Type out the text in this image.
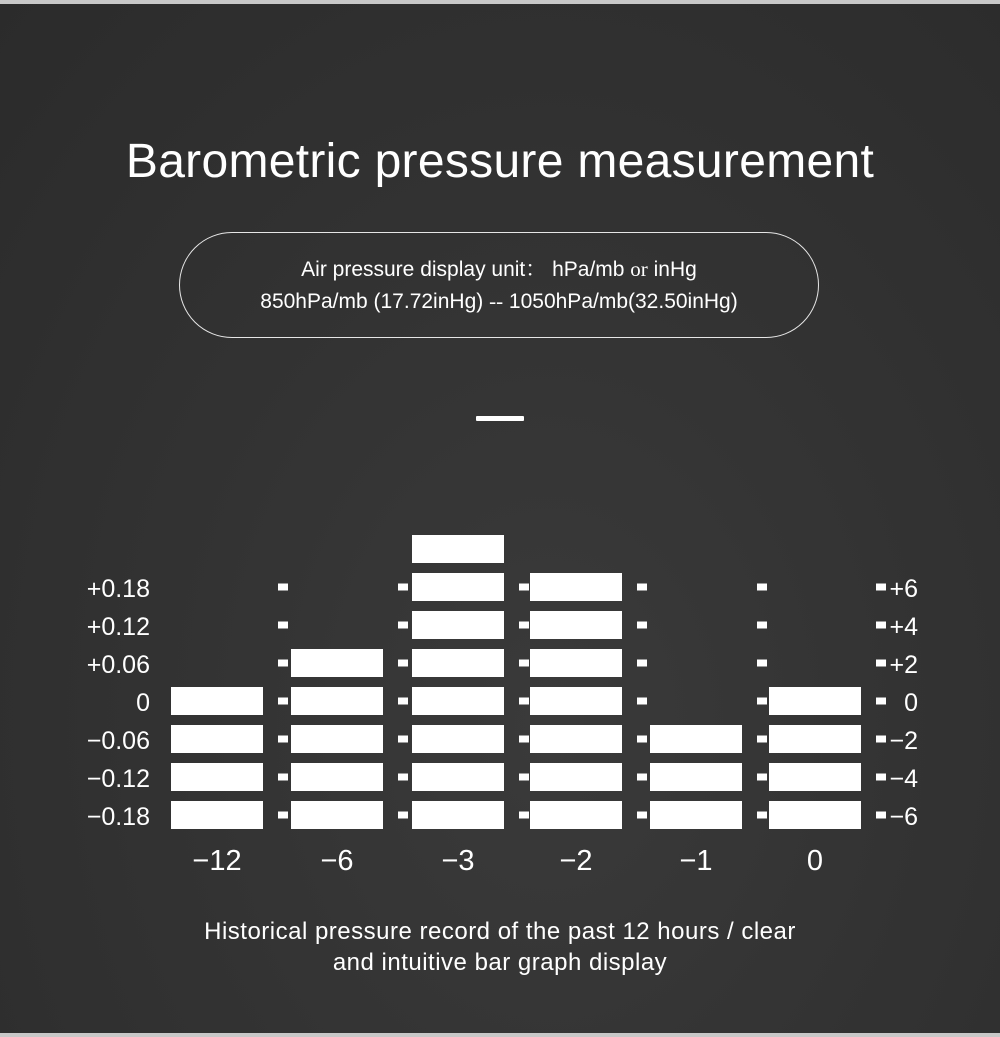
Barometric pressure measurement
Air pressure display unit： hPa/mb or inHg
850hPa/mb (17.72inHg) -- 1050hPa/mb(32.50inHg)
+0.18
+0.12
+0.06
0
−0.06
−0.12
−0.18
+6
+4
+2
0
−2
−4
−6
−12	−6	−3	−2	−1	0
Historical pressure record of the past 12 hours / clear
and intuitive bar graph display
